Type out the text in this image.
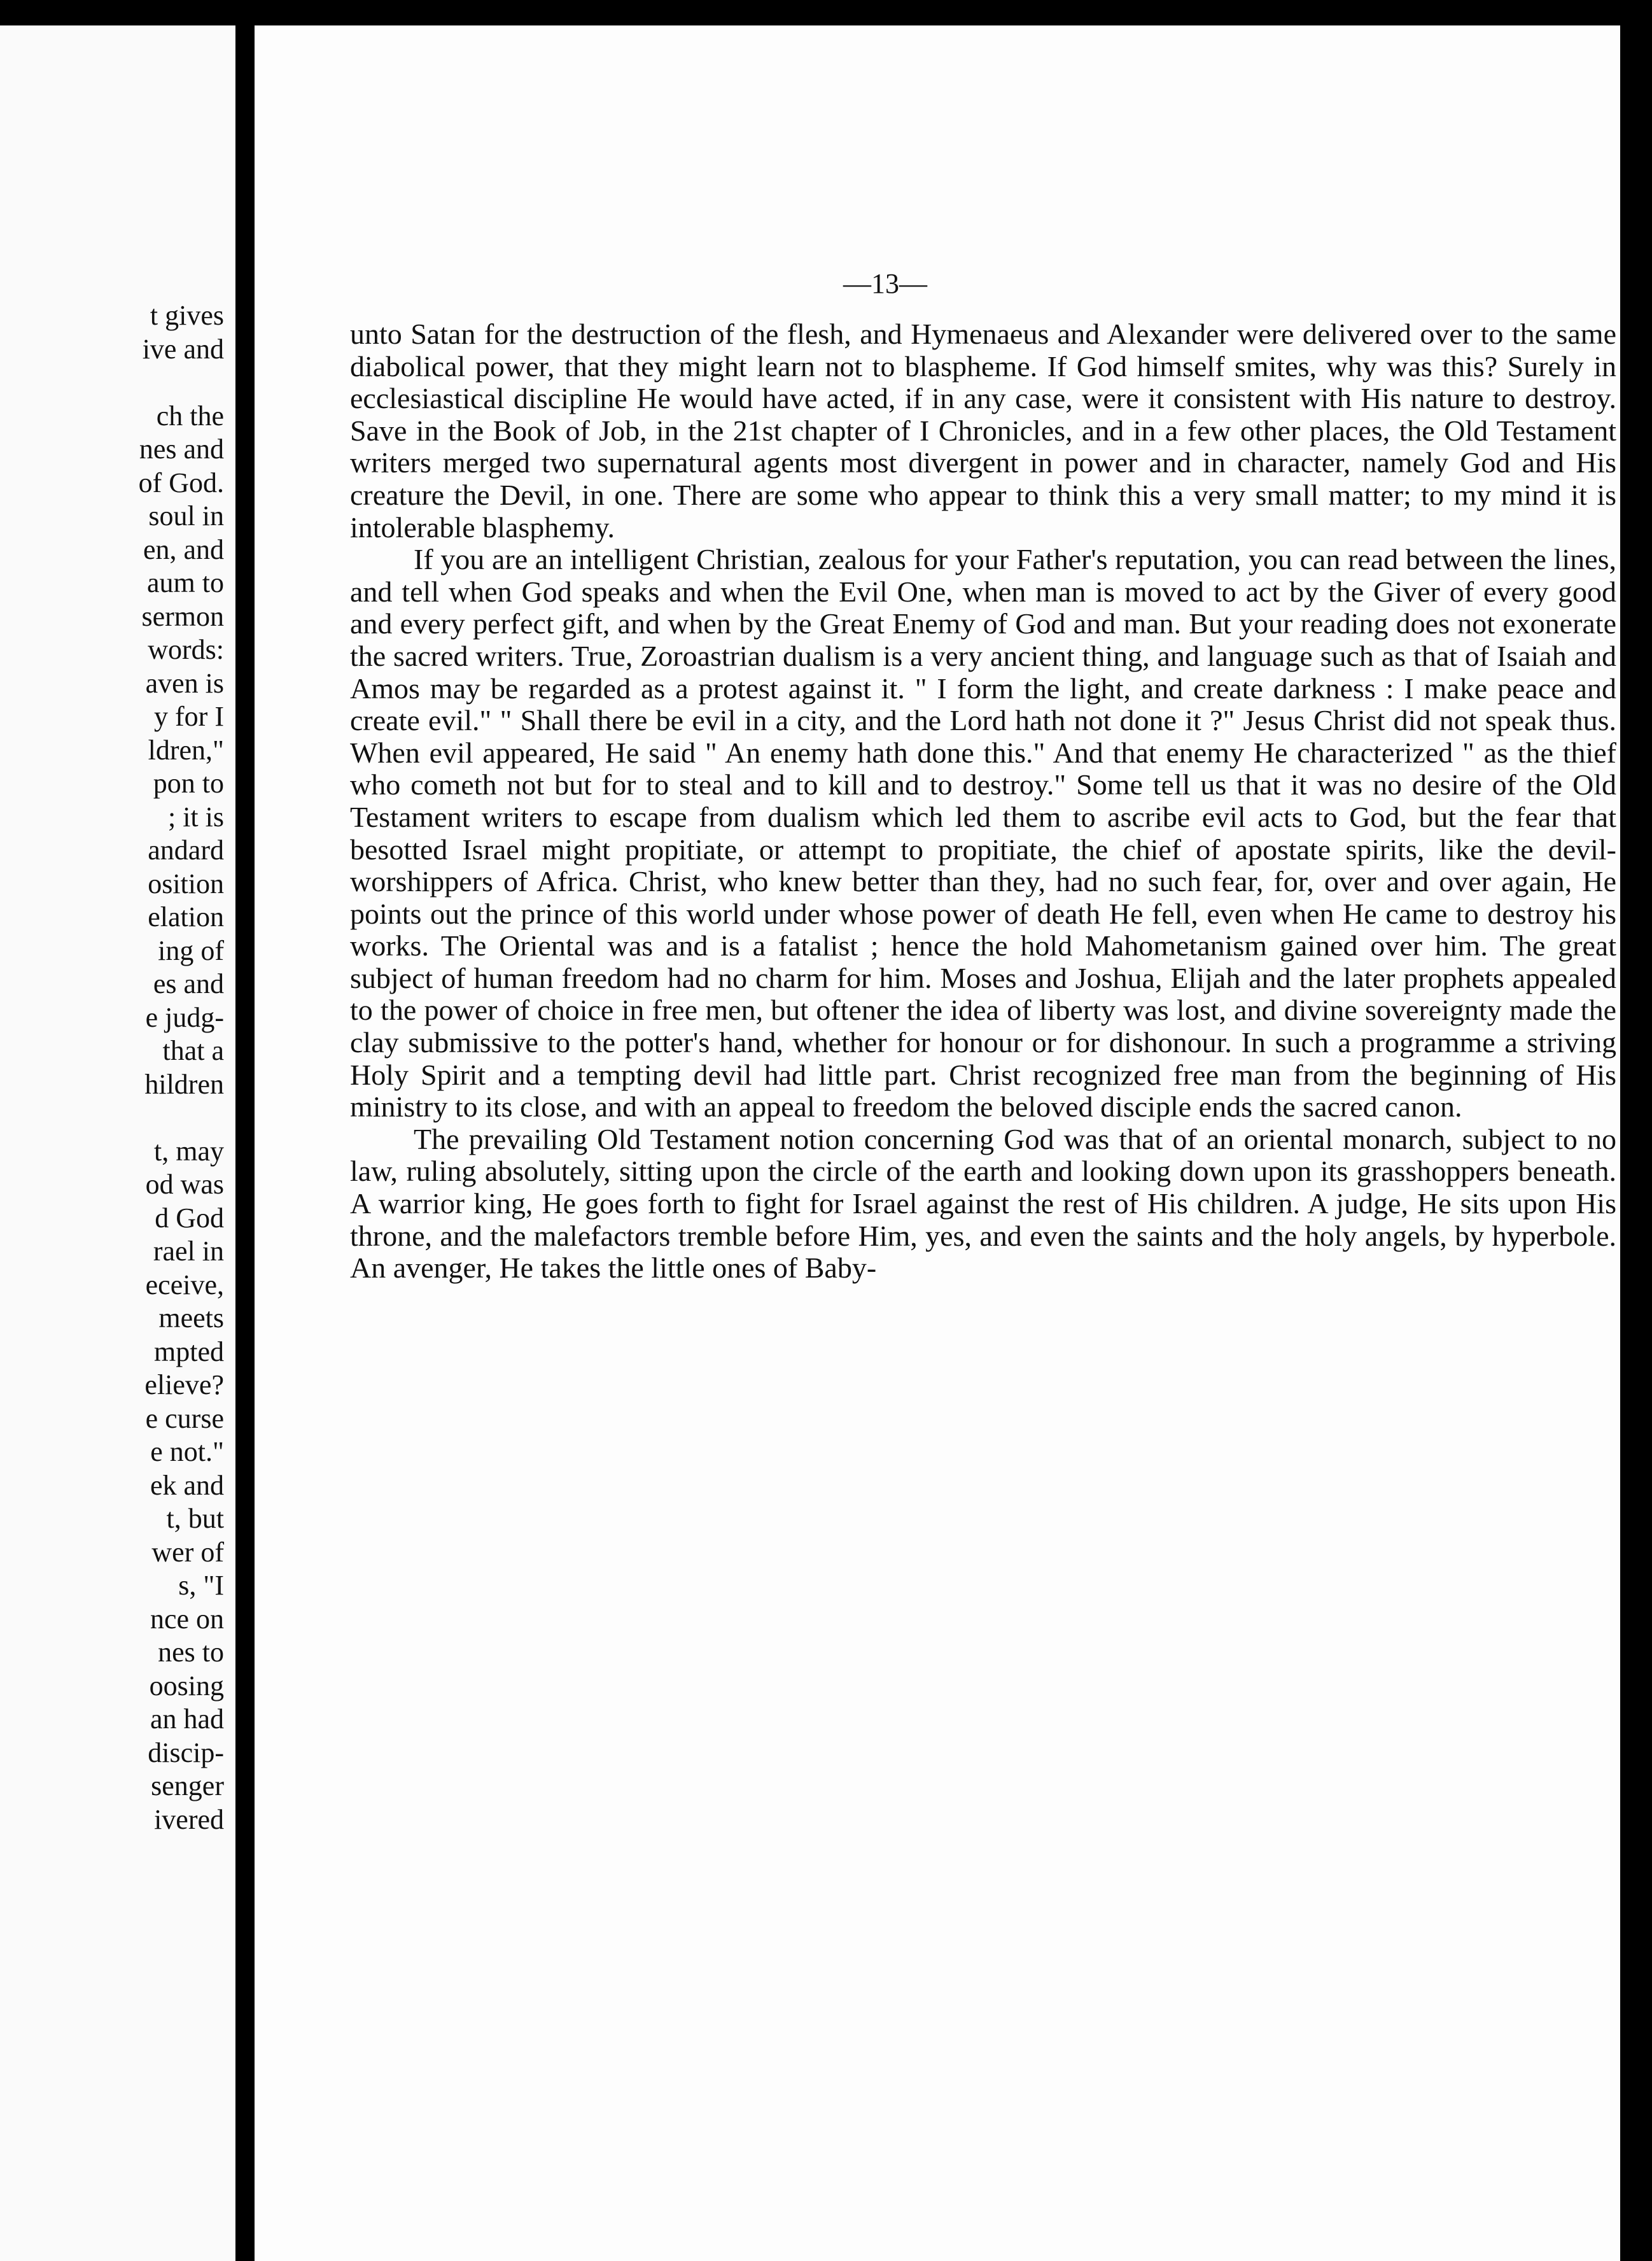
t gives
ive and
ch the
nes and
of God.
soul in
en, and
aum to
sermon
words:
aven is
y for I
ldren,"
pon to
; it is
andard
osition
elation
ing of
es and
e judg-
that a
hildren
t, may
od was
d God
rael in
eceive,
meets
mpted
elieve?
e curse
e not."
ek and
t, but
wer of
s, "I
nce on
nes to
oosing
an had
discip-
senger
ivered
—13—

unto Satan for the destruction of the flesh, and Hymenaeus and Alexander were delivered over to the same diabolical power, that they might learn not to blaspheme. If God himself smites, why was this? Surely in ecclesiastical discipline He would have acted, if in any case, were it consistent with His nature to destroy. Save in the Book of Job, in the 21st chapter of I Chronicles, and in a few other places, the Old Testament writers merged two supernatural agents most divergent in power and in character, namely God and His creature the Devil, in one. There are some who appear to think this a very small matter; to my mind it is intolerable blasphemy.

If you are an intelligent Christian, zealous for your Father's reputation, you can read between the lines, and tell when God speaks and when the Evil One, when man is moved to act by the Giver of every good and every perfect gift, and when by the Great Enemy of God and man. But your reading does not exonerate the sacred writers. True, Zoroastrian dualism is a very ancient thing, and language such as that of Isaiah and Amos may be regarded as a protest against it. " I form the light, and create darkness : I make peace and create evil." " Shall there be evil in a city, and the Lord hath not done it ?" Jesus Christ did not speak thus. When evil appeared, He said " An enemy hath done this." And that enemy He characterized " as the thief who cometh not but for to steal and to kill and to destroy." Some tell us that it was no desire of the Old Testament writers to escape from dualism which led them to ascribe evil acts to God, but the fear that besotted Israel might propitiate, or attempt to propitiate, the chief of apostate spirits, like the devil-worshippers of Africa. Christ, who knew better than they, had no such fear, for, over and over again, He points out the prince of this world under whose power of death He fell, even when He came to destroy his works. The Oriental was and is a fatalist ; hence the hold Mahometanism gained over him. The great subject of human freedom had no charm for him. Moses and Joshua, Elijah and the later prophets appealed to the power of choice in free men, but oftener the idea of liberty was lost, and divine sovereignty made the clay submissive to the potter's hand, whether for honour or for dishonour. In such a programme a striving Holy Spirit and a tempting devil had little part. Christ recognized free man from the beginning of His ministry to its close, and with an appeal to freedom the beloved disciple ends the sacred canon.

The prevailing Old Testament notion concerning God was that of an oriental monarch, subject to no law, ruling absolutely, sitting upon the circle of the earth and looking down upon its grasshoppers beneath. A warrior king, He goes forth to fight for Israel against the rest of His children. A judge, He sits upon His throne, and the malefactors tremble before Him, yes, and even the saints and the holy angels, by hyperbole. An avenger, He takes the little ones of Baby-
